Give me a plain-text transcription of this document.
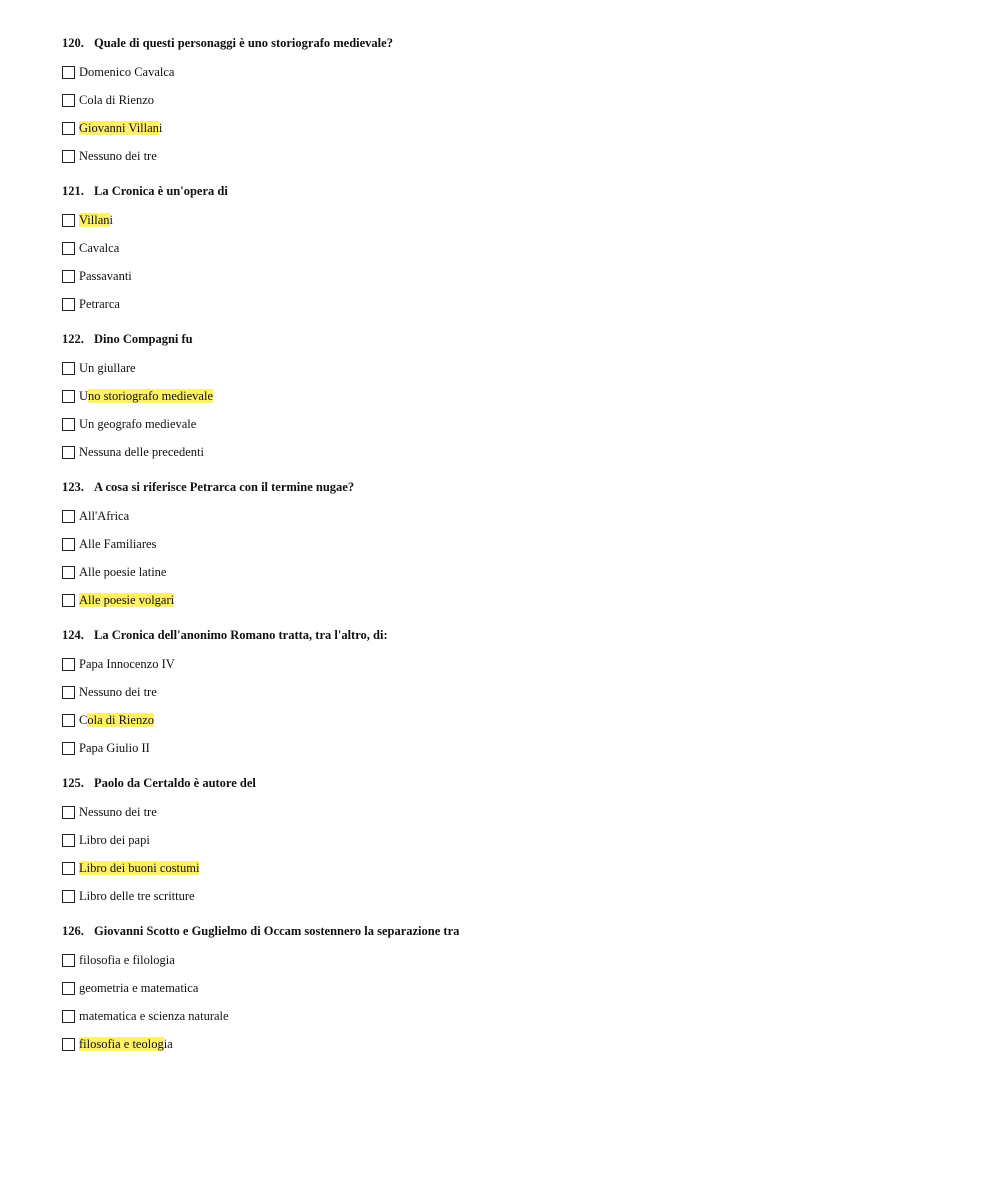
120. Quale di questi personaggi è uno storiografo medievale?
Domenico Cavalca
Cola di Rienzo
Giovanni Villani
Nessuno dei tre
121. La Cronica è un'opera di
Villani
Cavalca
Passavanti
Petrarca
122. Dino Compagni fu
Un giullare
Uno storiografo medievale
Un geografo medievale
Nessuna delle precedenti
123. A cosa si riferisce Petrarca con il termine nugae?
All'Africa
Alle Familiares
Alle poesie latine
Alle poesie volgari
124. La Cronica dell'anonimo Romano tratta, tra l'altro, di:
Papa Innocenzo IV
Nessuno dei tre
Cola di Rienzo
Papa Giulio II
125. Paolo da Certaldo è autore del
Nessuno dei tre
Libro dei papi
Libro dei buoni costumi
Libro delle tre scritture
126. Giovanni Scotto e Guglielmo di Occam sostennero la separazione tra
filosofia e filologia
geometria e matematica
matematica e scienza naturale
filosofia e teologia
